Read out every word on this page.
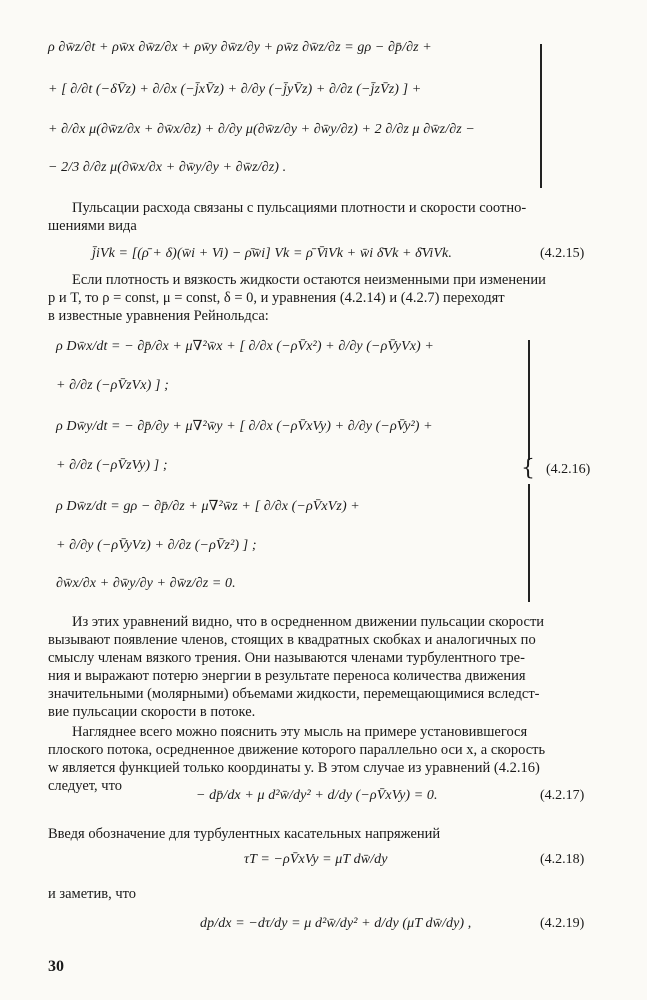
ρ ∂w̄z/∂t + ρw̄x ∂w̄z/∂x + ρw̄y ∂w̄z/∂y + ρw̄z ∂w̄z/∂z = gρ − ∂p̄/∂z +
+ [ ∂/∂t (−δV̄z) + ∂/∂x (−j̄xV̄z) + ∂/∂y (−j̄yV̄z) + ∂/∂z (−j̄zV̄z) ] +
+ ∂/∂x μ(∂w̄z/∂x + ∂w̄x/∂z) + ∂/∂y μ(∂w̄z/∂y + ∂w̄y/∂z) + 2 ∂/∂z μ ∂w̄z/∂z −
− 2/3 ∂/∂z μ(∂w̄x/∂x + ∂w̄y/∂y + ∂w̄z/∂z) .
Пульсации расхода связаны с пульсациями плотности и скорости соотно-
шениями вида
j̄iVk = [(ρ̄ + δ)(w̄i + Vi) − ρ̄w̄i] Vk = ρ̄ V̄iVk + w̄i δ̄Vk + δ̄ViVk.	(4.2.15)
Если плотность и вязкость жидкости остаются неизменными при изменении
p и T, то ρ = const, μ = const, δ = 0, и уравнения (4.2.14) и (4.2.7) переходят
в известные уравнения Рейнольдса:
ρ Dw̄x/dt = − ∂p̄/∂x + μ∇²w̄x + [ ∂/∂x (−ρV̄x²) + ∂/∂y (−ρV̄yVx) +
+ ∂/∂z (−ρV̄zVx) ] ;
ρ Dw̄y/dt = − ∂p̄/∂y + μ∇²w̄y + [ ∂/∂x (−ρV̄xVy) + ∂/∂y (−ρV̄y²) +
+ ∂/∂z (−ρV̄zVy) ] ;
ρ Dw̄z/dt = gρ − ∂p̄/∂z + μ∇²w̄z + [ ∂/∂x (−ρV̄xVz) +
+ ∂/∂y (−ρV̄yVz) + ∂/∂z (−ρV̄z²) ] ;
∂w̄x/∂x + ∂w̄y/∂y + ∂w̄z/∂z = 0.
{ (4.2.16)
Из этих уравнений видно, что в осредненном движении пульсации скорости
вызывают появление членов, стоящих в квадратных скобках и аналогичных по
смыслу членам вязкого трения. Они называются членами турбулентного тре-
ния и выражают потерю энергии в результате переноса количества движения
значительными (молярными) объемами жидкости, перемещающимися вследст-
вие пульсации скорости в потоке.
Нагляднее всего можно пояснить эту мысль на примере установившегося
плоского потока, осредненное движение которого параллельно оси x, а скорость
w является функцией только координаты y. В этом случае из уравнений (4.2.16)
следует, что
− dp̄/dx + μ d²w̄/dy² + d/dy (−ρV̄xVy) = 0.	(4.2.17)
Введя обозначение для турбулентных касательных напряжений
τT = −ρV̄xVy = μT dw̄/dy	(4.2.18)
и заметив, что
dp/dx = −dτ/dy = μ d²w̄/dy² + d/dy (μT dw̄/dy) ,	(4.2.19)
30
